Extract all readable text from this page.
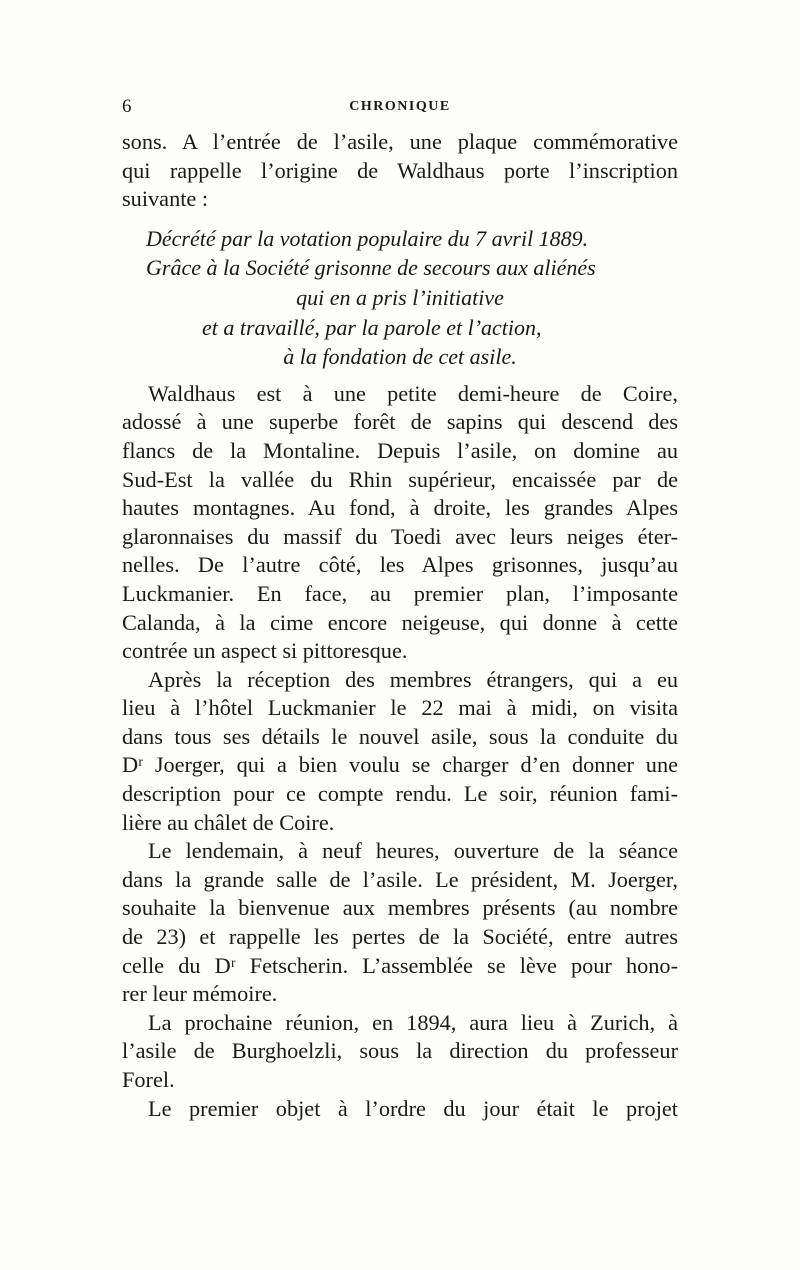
6	CHRONIQUE
sons. A l’entrée de l’asile, une plaque commémorative
qui rappelle l’origine de Waldhaus porte l’inscription
suivante :
Décrété par la votation populaire du 7 avril 1889.
Grâce à la Société grisonne de secours aux aliénés
qui en a pris l’initiative
et a travaillé, par la parole et l’action,
à la fondation de cet asile.
Waldhaus est à une petite demi-heure de Coire,
adossé à une superbe forêt de sapins qui descend des
flancs de la Montaline. Depuis l’asile, on domine au
Sud-Est la vallée du Rhin supérieur, encaissée par de
hautes montagnes. Au fond, à droite, les grandes Alpes
glaronnaises du massif du Toedi avec leurs neiges éter-
nelles. De l’autre côté, les Alpes grisonnes, jusqu’au
Luckmanier. En face, au premier plan, l’imposante
Calanda, à la cime encore neigeuse, qui donne à cette
contrée un aspect si pittoresque.
Après la réception des membres étrangers, qui a eu
lieu à l’hôtel Luckmanier le 22 mai à midi, on visita
dans tous ses détails le nouvel asile, sous la conduite du
Dʳ Joerger, qui a bien voulu se charger d’en donner une
description pour ce compte rendu. Le soir, réunion fami-
lière au châlet de Coire.
Le lendemain, à neuf heures, ouverture de la séance
dans la grande salle de l’asile. Le président, M. Joerger,
souhaite la bienvenue aux membres présents (au nombre
de 23) et rappelle les pertes de la Société, entre autres
celle du Dʳ Fetscherin. L’assemblée se lève pour hono-
rer leur mémoire.
La prochaine réunion, en 1894, aura lieu à Zurich, à
l’asile de Burghoelzli, sous la direction du professeur
Forel.
Le premier objet à l’ordre du jour était le projet
